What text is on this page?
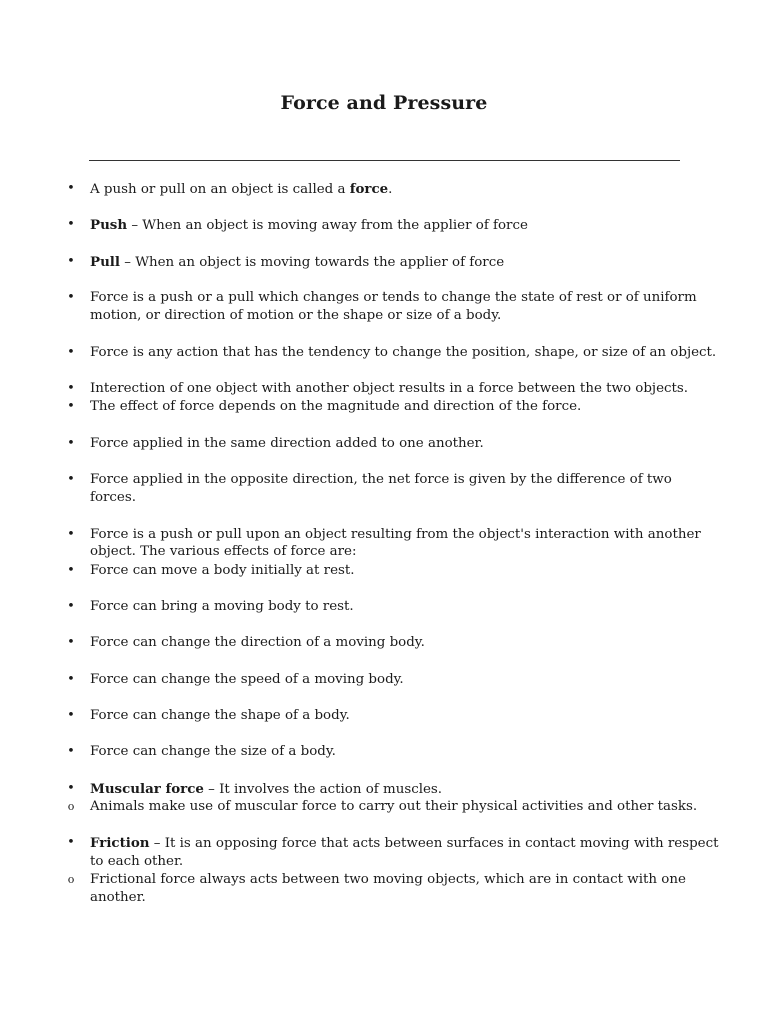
Force and Pressure
• A push or pull on an object is called a force.
• Push – When an object is moving away from the applier of force
• Pull – When an object is moving towards the applier of force
• Force is a push or a pull which changes or tends to change the state of rest or of uniform
motion, or direction of motion or the shape or size of a body.
• Force is any action that has the tendency to change the position, shape, or size of an object.
• Interection of one object with another object results in a force between the two objects.
• The effect of force depends on the magnitude and direction of the force.
• Force applied in the same direction added to one another.
• Force applied in the opposite direction, the net force is given by the difference of two
forces.
• Force is a push or pull upon an object resulting from the object's interaction with another
object. The various effects of force are:
• Force can move a body initially at rest.
• Force can bring a moving body to rest.
• Force can change the direction of a moving body.
• Force can change the speed of a moving body.
• Force can change the shape of a body.
• Force can change the size of a body.
• Muscular force – It involves the action of muscles.
o Animals make use of muscular force to carry out their physical activities and other tasks.
• Friction – It is an opposing force that acts between surfaces in contact moving with respect
to each other.
o Frictional force always acts between two moving objects, which are in contact with one
another.
